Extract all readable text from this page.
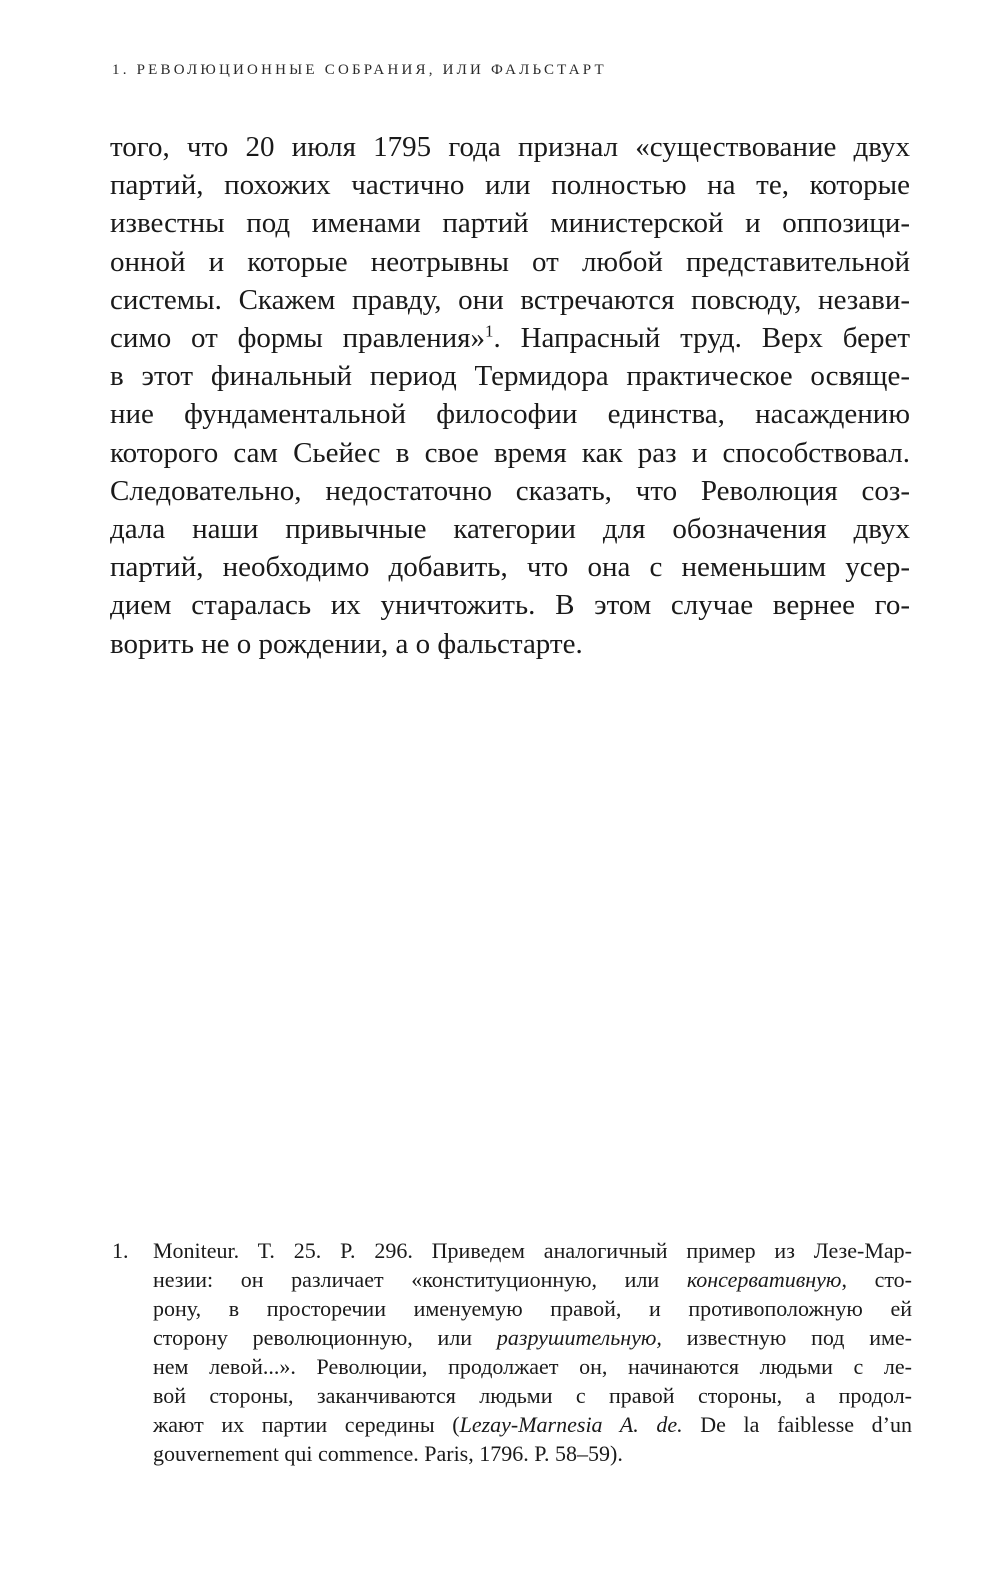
1. РЕВОЛЮЦИОННЫЕ СОБРАНИЯ, ИЛИ ФАЛЬСТАРТ
того, что 20 июля 1795 года признал «существование двух
партий, похожих частично или полностью на те, которые
известны под именами партий министерской и оппозици-
онной и которые неотрывны от любой представительной
системы. Скажем правду, они встречаются повсюду, незави-
симо от формы правления»$^1$. Напрасный труд. Верх берет
в этот финальный период Термидора практическое освяще-
ние фундаментальной философии единства, насаждению
которого сам Сьейес в свое время как раз и способствовал.
Следовательно, недостаточно сказать, что Революция соз-
дала наши привычные категории для обозначения двух
партий, необходимо добавить, что она с неменьшим усер-
дием старалась их уничтожить. В этом случае вернее го-
ворить не о рождении, а о фальстарте.
1. Moniteur. T. 25. P. 296. Приведем аналогичный пример из Лезе-Мар-
незии: он различает «конституционную, или консервативную, сто-
рону, в просторечии именуемую правой, и противоположную ей
сторону революционную, или разрушительную, известную под име-
нем левой...». Революции, продолжает он, начинаются людьми с ле-
вой стороны, заканчиваются людьми с правой стороны, а продол-
жают их партии середины (Lezay-Marnesia A. de. De la faiblesse d’un
gouvernement qui commence. Paris, 1796. P. 58–59).
